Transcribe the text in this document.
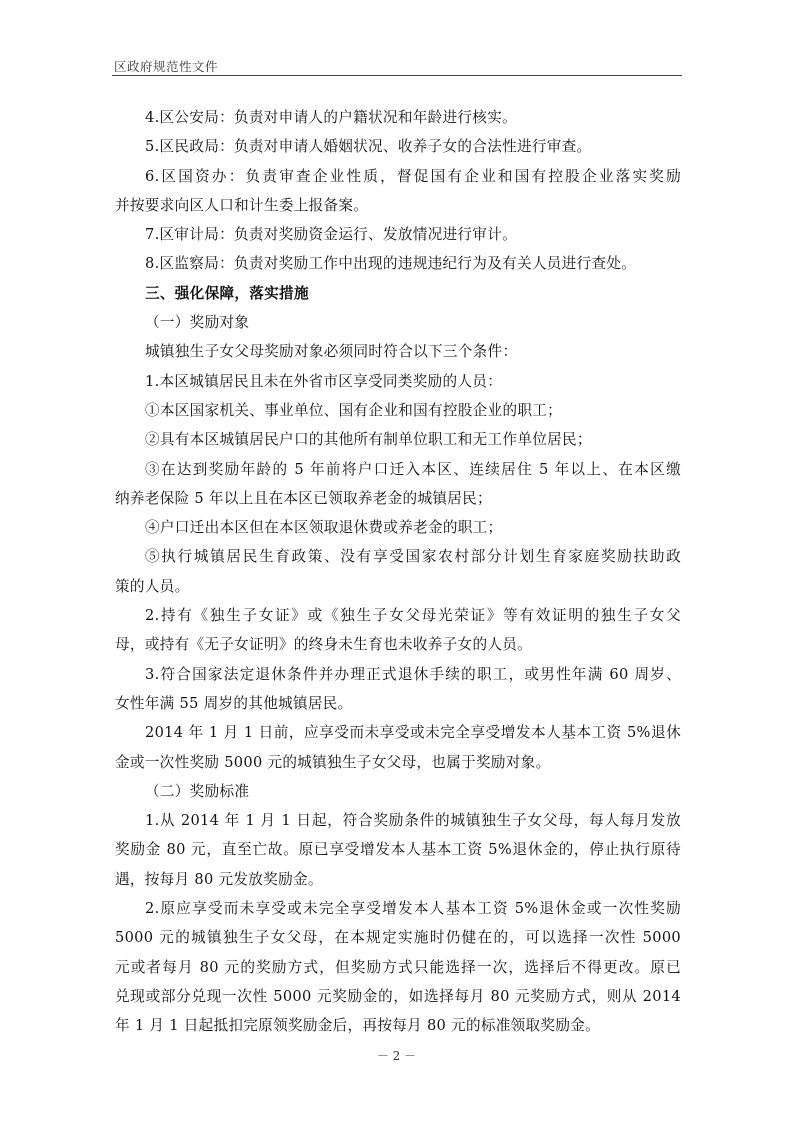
区政府规范性文件
4.区公安局：负责对申请人的户籍状况和年龄进行核实。
5.区民政局：负责对申请人婚姻状况、收养子女的合法性进行审查。
6.区国资办：负责审查企业性质，督促国有企业和国有控股企业落实奖励
并按要求向区人口和计生委上报备案。
7.区审计局：负责对奖励资金运行、发放情况进行审计。
8.区监察局：负责对奖励工作中出现的违规违纪行为及有关人员进行查处。
三、强化保障，落实措施
（一）奖励对象
城镇独生子女父母奖励对象必须同时符合以下三个条件：
1.本区城镇居民且未在外省市区享受同类奖励的人员：
①本区国家机关、事业单位、国有企业和国有控股企业的职工；
②具有本区城镇居民户口的其他所有制单位职工和无工作单位居民；
③在达到奖励年龄的 5 年前将户口迁入本区、连续居住 5 年以上、在本区缴
纳养老保险 5 年以上且在本区已领取养老金的城镇居民；
④户口迁出本区但在本区领取退休费或养老金的职工；
⑤执行城镇居民生育政策、没有享受国家农村部分计划生育家庭奖励扶助政
策的人员。
2.持有《独生子女证》或《独生子女父母光荣证》等有效证明的独生子女父
母，或持有《无子女证明》的终身未生育也未收养子女的人员。
3.符合国家法定退休条件并办理正式退休手续的职工，或男性年满 60 周岁、
女性年满 55 周岁的其他城镇居民。
2014 年 1 月 1 日前，应享受而未享受或未完全享受增发本人基本工资 5%退休
金或一次性奖励 5000 元的城镇独生子女父母，也属于奖励对象。
（二）奖励标准
1.从 2014 年 1 月 1 日起，符合奖励条件的城镇独生子女父母，每人每月发放
奖励金 80 元，直至亡故。原已享受增发本人基本工资 5%退休金的，停止执行原待
遇，按每月 80 元发放奖励金。
2.原应享受而未享受或未完全享受增发本人基本工资 5%退休金或一次性奖励
5000 元的城镇独生子女父母，在本规定实施时仍健在的，可以选择一次性 5000
元或者每月 80 元的奖励方式，但奖励方式只能选择一次，选择后不得更改。原已
兑现或部分兑现一次性 5000 元奖励金的，如选择每月 80 元奖励方式，则从 2014
年 1 月 1 日起抵扣完原领奖励金后，再按每月 80 元的标准领取奖励金。
－ 2 －
